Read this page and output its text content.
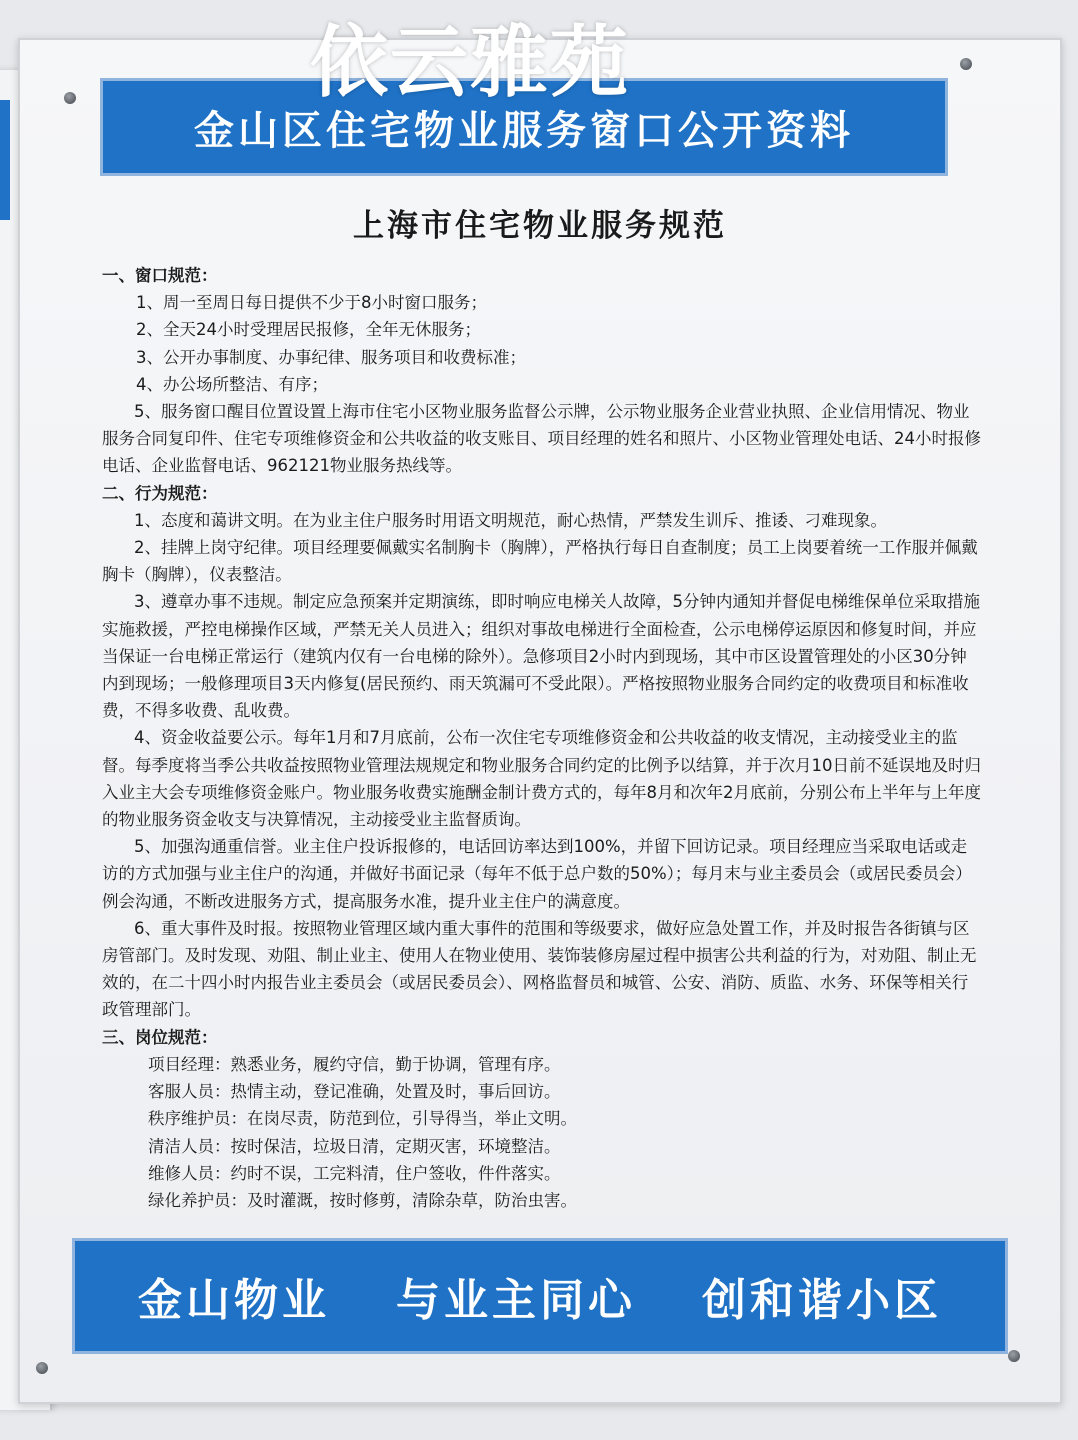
金山区住宅物业服务窗口公开资料
上海市住宅物业服务规范

一、窗口规范：

1、周一至周日每日提供不少于8小时窗口服务；

2、全天24小时受理居民报修，全年无休服务；

3、公开办事制度、办事纪律、服务项目和收费标准；

4、办公场所整洁、有序；

5、服务窗口醒目位置设置上海市住宅小区物业服务监督公示牌，公示物业服务企业营业执照、企业信用情况、物业服务合同复印件、住宅专项维修资金和公共收益的收支账目、项目经理的姓名和照片、小区物业管理处电话、24小时报修电话、企业监督电话、962121物业服务热线等。

二、行为规范：

1、态度和蔼讲文明。在为业主住户服务时用语文明规范，耐心热情，严禁发生训斥、推诿、刁难现象。

2、挂牌上岗守纪律。项目经理要佩戴实名制胸卡（胸牌），严格执行每日自查制度；员工上岗要着统一工作服并佩戴胸卡（胸牌），仪表整洁。

3、遵章办事不违规。制定应急预案并定期演练，即时响应电梯关人故障，5分钟内通知并督促电梯维保单位采取措施实施救援，严控电梯操作区域，严禁无关人员进入；组织对事故电梯进行全面检查，公示电梯停运原因和修复时间，并应当保证一台电梯正常运行（建筑内仅有一台电梯的除外）。急修项目2小时内到现场，其中市区设置管理处的小区30分钟内到现场；一般修理项目3天内修复(居民预约、雨天筑漏可不受此限）。严格按照物业服务合同约定的收费项目和标准收费，不得多收费、乱收费。

4、资金收益要公示。每年1月和7月底前，公布一次住宅专项维修资金和公共收益的收支情况，主动接受业主的监督。每季度将当季公共收益按照物业管理法规规定和物业服务合同约定的比例予以结算，并于次月10日前不延误地及时归入业主大会专项维修资金账户。物业服务收费实施酬金制计费方式的，每年8月和次年2月底前，分别公布上半年与上年度的物业服务资金收支与决算情况，主动接受业主监督质询。

5、加强沟通重信誉。业主住户投诉报修的，电话回访率达到100%，并留下回访记录。项目经理应当采取电话或走访的方式加强与业主住户的沟通，并做好书面记录（每年不低于总户数的50%）；每月末与业主委员会（或居民委员会）例会沟通，不断改进服务方式，提高服务水准，提升业主住户的满意度。

6、重大事件及时报。按照物业管理区域内重大事件的范围和等级要求，做好应急处置工作，并及时报告各街镇与区房管部门。及时发现、劝阻、制止业主、使用人在物业使用、装饰装修房屋过程中损害公共利益的行为，对劝阻、制止无效的，在二十四小时内报告业主委员会（或居民委员会）、网格监督员和城管、公安、消防、质监、水务、环保等相关行政管理部门。

三、岗位规范：

项目经理：熟悉业务，履约守信，勤于协调，管理有序。

客服人员：热情主动，登记准确，处置及时，事后回访。

秩序维护员：在岗尽责，防范到位，引导得当，举止文明。

清洁人员：按时保洁，垃圾日清，定期灭害，环境整洁。

维修人员：约时不误，工完料清，住户签收，件件落实。

绿化养护员：及时灌溉，按时修剪，清除杂草，防治虫害。

金山物业 与业主同心 创和谐小区
依云雅苑
